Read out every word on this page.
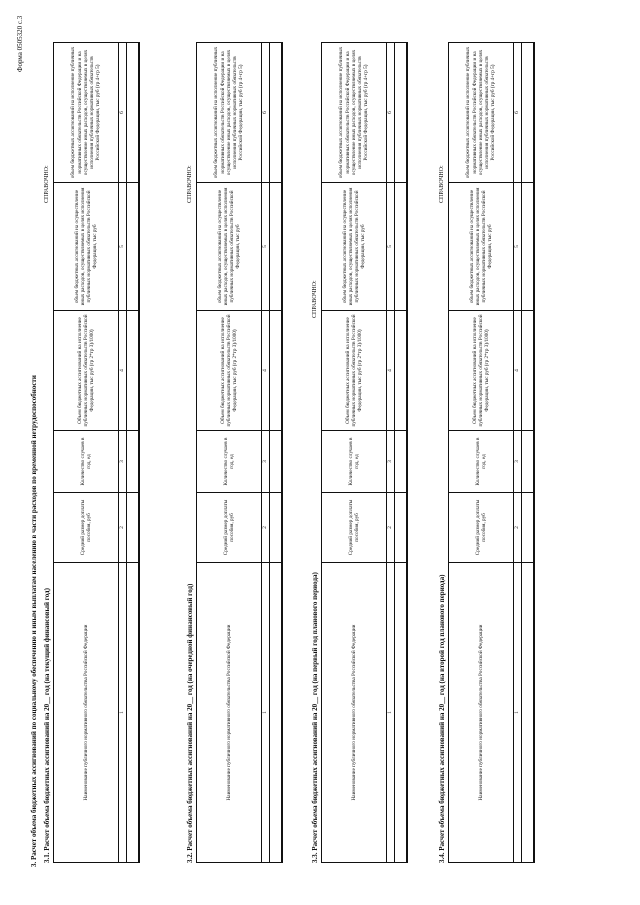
Форма 0505320 с.3
3. Расчет объема бюджетных ассигнований по социальному обеспечению и иным выплатам населению в части расходов по временной нетрудоспособности 3.1. Расчет объема бюджетных ассигнований на 20__ год (на текущий финансовый год)
СПРАВОЧНО:
Наименование публичного нормативного обязательства Российской Федерации	Средний размер доплаты пособия, руб	Количество случаев в год, ед	Объем бюджетных ассигнований на исполнение публичных нормативных обязательств Российской Федерации, тыс руб (гр 2*гр 3)/1000)	объем бюджетных ассигнований на осуществление иных расходов, осуществляемых в целях исполнения публичных нормативных обязательств Российской Федерации, тыс руб	объем бюджетных ассигнований на исполнение публичных нормативных обязательств Российской Федерации и на осуществление иных расходов, осуществляемых в целях исполнения публичных нормативных обязательств Российской Федерации, тыс руб (гр 4+гр 5)
1	2	3	4	5	6

3.2. Расчет объема бюджетных ассигнований на 20__ год (на очередной финансовый год)
СПРАВОЧНО:
Наименование публичного нормативного обязательства Российской Федерации	Средний размер доплаты пособия, руб	Количество случаев в год, ед	Объем бюджетных ассигнований на исполнение публичных нормативных обязательств Российской Федерации, тыс руб (гр 2*гр 3)/1000)	объем бюджетных ассигнований на осуществление иных расходов, осуществляемых в целях исполнения публичных нормативных обязательств Российской Федерации, тыс руб	объем бюджетных ассигнований на исполнение публичных нормативных обязательств Российской Федерации и на осуществление иных расходов, осуществляемых в целях исполнения публичных нормативных обязательств Российской Федерации, тыс руб (гр 4+гр 5)
1	2	3	4	5	6

3.3. Расчет объема бюджетных ассигнований на 20__ год (на первый год планового периода)
СПРАВОЧНО:
Наименование публичного нормативного обязательства Российской Федерации	Средний размер доплаты пособия, руб	Количество случаев в год, ед	Объем бюджетных ассигнований на исполнение публичных нормативных обязательств Российской Федерации, тыс руб (гр 2*гр 3)/1000)	объем бюджетных ассигнований на осуществление иных расходов, осуществляемых в целях исполнения публичных нормативных обязательств Российской Федерации, тыс руб	объем бюджетных ассигнований на исполнение публичных нормативных обязательств Российской Федерации и на осуществление иных расходов, осуществляемых в целях исполнения публичных нормативных обязательств Российской Федерации, тыс руб (гр 4+гр 5)
1	2	3	4	5	6

3.4. Расчет объема бюджетных ассигнований на 20__ год (на второй год планового периода)
СПРАВОЧНО:
Наименование публичного нормативного обязательства Российской Федерации	Средний размер доплаты пособия, руб	Количество случаев в год, ед	Объем бюджетных ассигнований на исполнение публичных нормативных обязательств Российской Федерации, тыс руб (гр 2*гр 3)/1000)	объем бюджетных ассигнований на осуществление иных расходов, осуществляемых в целях исполнения публичных нормативных обязательств Российской Федерации, тыс руб	объем бюджетных ассигнований на исполнение публичных нормативных обязательств Российской Федерации и на осуществление иных расходов, осуществляемых в целях исполнения публичных нормативных обязательств Российской Федерации, тыс руб (гр 4+гр 5)
1	2	3	4	5	6
